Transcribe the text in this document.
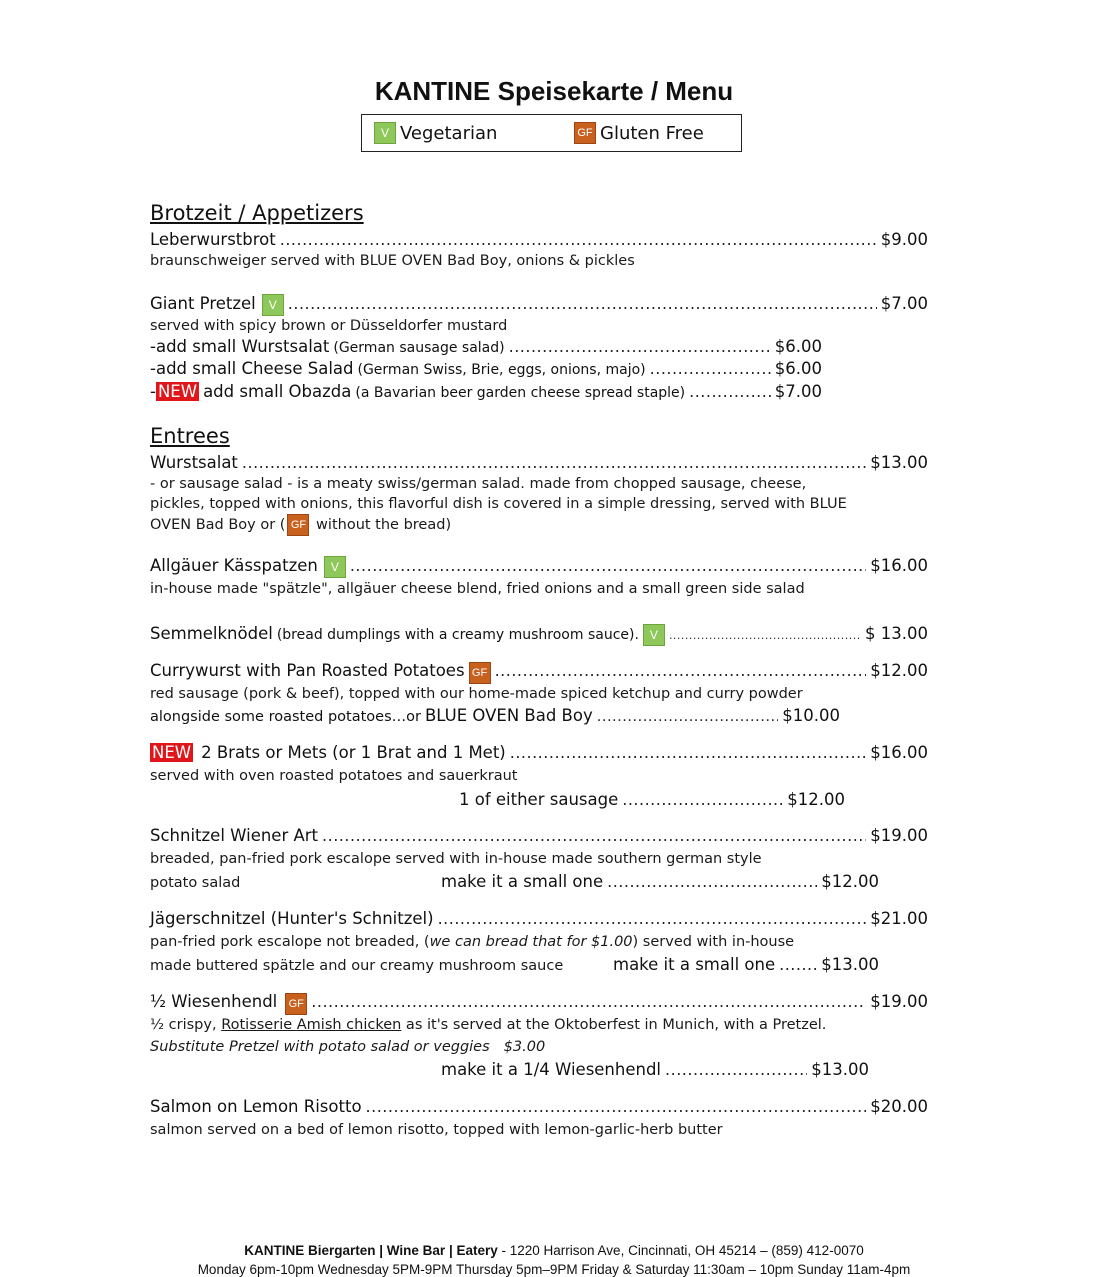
KANTINE Speisekarte / Menu
V Vegetarian	GF Gluten Free
Brotzeit / Appetizers
Leberwurstbrot .....	$9.00
braunschweiger served with BLUE OVEN Bad Boy, onions & pickles
Giant Pretzel	V .....	$7.00
served with spicy brown or Düsseldorfer mustard
- add small Wurstsalat (German sausage salad) .....	$6.00
- add small Cheese Salad (German Swiss, Brie, eggs, onions, majo) .....	$6.00
- NEW add small Obazda (a Bavarian beer garden cheese spread staple) .....	$7.00
Entrees
Wurstsalat .....	$13.00
- or sausage salad - is a meaty swiss/german salad. made from chopped sausage, cheese,
pickles, topped with onions, this flavorful dish is covered in a simple dressing, served with BLUE
OVEN Bad Boy or ( GF without the bread)
Allgäuer Kässpatzen	V .....	$16.00
in-house made "spätzle", allgäuer cheese blend, fried onions and a small green side salad
Semmelknödel (bread dumplings with a creamy mushroom sauce). V .....	$ 13.00
Currywurst with Pan Roasted Potatoes GF .....	$12.00
red sausage (pork & beef), topped with our home-made spiced ketchup and curry powder
alongside some roasted potatoes…or BLUE OVEN Bad Boy .....	$10.00
NEW 2 Brats or Mets (or 1 Brat and 1 Met) .....	$16.00
served with oven roasted potatoes and sauerkraut
1 of either sausage .....	$12.00
Schnitzel Wiener Art .....	$19.00
breaded, pan-fried pork escalope served with in-house made southern german style
potato salad	make it a small one .....	$12.00
Jägerschnitzel (Hunter's Schnitzel) .....	$21.00
pan-fried pork escalope not breaded, (we can bread that for $1.00) served with in-house
made buttered spätzle and our creamy mushroom sauce	make it a small one .....	$13.00
½ Wiesenhendl	GF .....	$19.00
½ crispy, Rotisserie Amish chicken as it's served at the Oktoberfest in Munich, with a Pretzel.
Substitute Pretzel with potato salad or veggies $3.00
make it a 1/4 Wiesenhendl .....	$13.00
Salmon on Lemon Risotto .....	$20.00
salmon served on a bed of lemon risotto, topped with lemon-garlic-herb butter
KANTINE Biergarten | Wine Bar | Eatery - 1220 Harrison Ave, Cincinnati, OH 45214 – (859) 412-0070
Monday 6pm-10pm Wednesday 5PM-9PM Thursday 5pm–9PM Friday & Saturday 11:30am – 10pm Sunday 11am-4pm
